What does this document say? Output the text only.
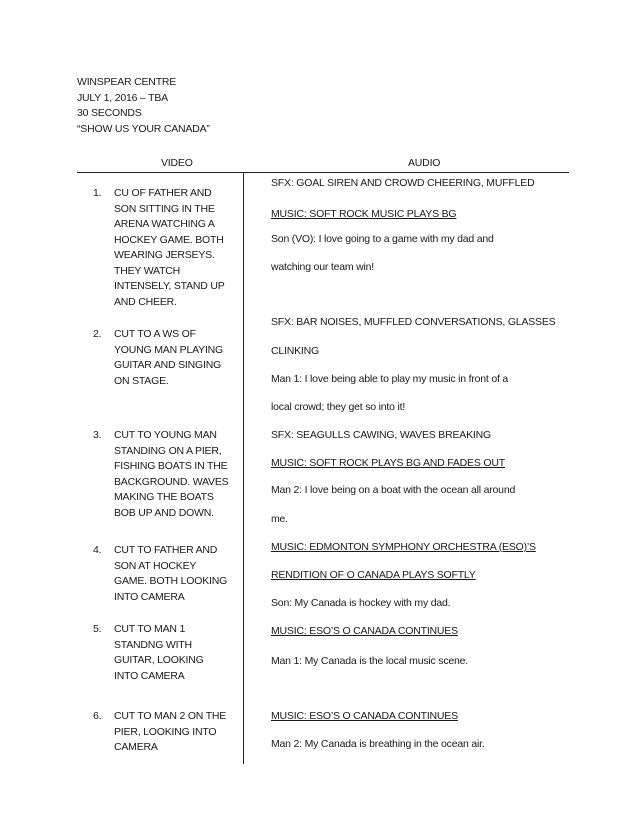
WINSPEAR CENTRE
JULY 1, 2016 – TBA
30 SECONDS
“SHOW US YOUR CANADA”
VIDEO	AUDIO
1. CU OF FATHER AND SON SITTING IN THE ARENA WATCHING A HOCKEY GAME. BOTH WEARING JERSEYS. THEY WATCH INTENSELY, STAND UP AND CHEER.
2. CUT TO A WS OF YOUNG MAN PLAYING GUITAR AND SINGING ON STAGE.
3. CUT TO YOUNG MAN STANDING ON A PIER, FISHING BOATS IN THE BACKGROUND. WAVES MAKING THE BOATS BOB UP AND DOWN.
4. CUT TO FATHER AND SON AT HOCKEY GAME. BOTH LOOKING INTO CAMERA
5. CUT TO MAN 1 STANDNG WITH GUITAR, LOOKING INTO CAMERA
6. CUT TO MAN 2 ON THE PIER, LOOKING INTO CAMERA
SFX: GOAL SIREN AND CROWD CHEERING, MUFFLED
MUSIC: SOFT ROCK MUSIC PLAYS BG
Son (VO): I love going to a game with my dad and
watching our team win!
SFX: BAR NOISES, MUFFLED CONVERSATIONS, GLASSES
CLINKING
Man 1: I love being able to play my music in front of a
local crowd; they get so into it!
SFX: SEAGULLS CAWING, WAVES BREAKING
MUSIC: SOFT ROCK PLAYS BG AND FADES OUT
Man 2: I love being on a boat with the ocean all around
me.
MUSIC: EDMONTON SYMPHONY ORCHESTRA (ESO)’S
RENDITION OF O CANADA PLAYS SOFTLY
Son: My Canada is hockey with my dad.
MUSIC: ESO’S O CANADA CONTINUES
Man 1: My Canada is the local music scene.
MUSIC: ESO’S O CANADA CONTINUES
Man 2: My Canada is breathing in the ocean air.
